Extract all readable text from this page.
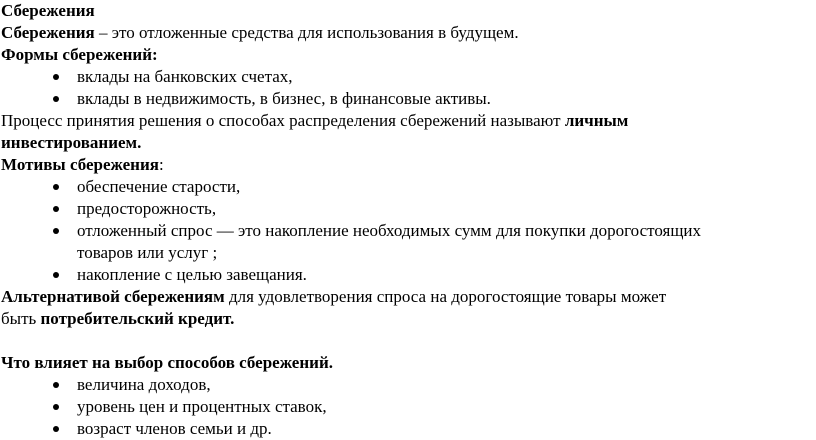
Сбережения

Сбережения – это отложенные средства для использования в будущем.

Формы сбережений:

вклады на банковских счетах,
вклады в недвижимость, в бизнес, в финансовые активы.

Процесс принятия решения о способах распределения сбережений называют личным

инвестированием.

Мотивы сбережения:

обеспечение старости,
предосторожность,
отложенный спрос — это накопление необходимых сумм для покупки дорогостоящих
товаров или услуг ;
накопление с целью завещания.

Альтернативой сбережениям для удовлетворения спроса на дорогостоящие товары может

быть потребительский кредит.

Что влияет на выбор способов сбережений.

величина доходов,
уровень цен и процентных ставок,
возраст членов семьи и др.
